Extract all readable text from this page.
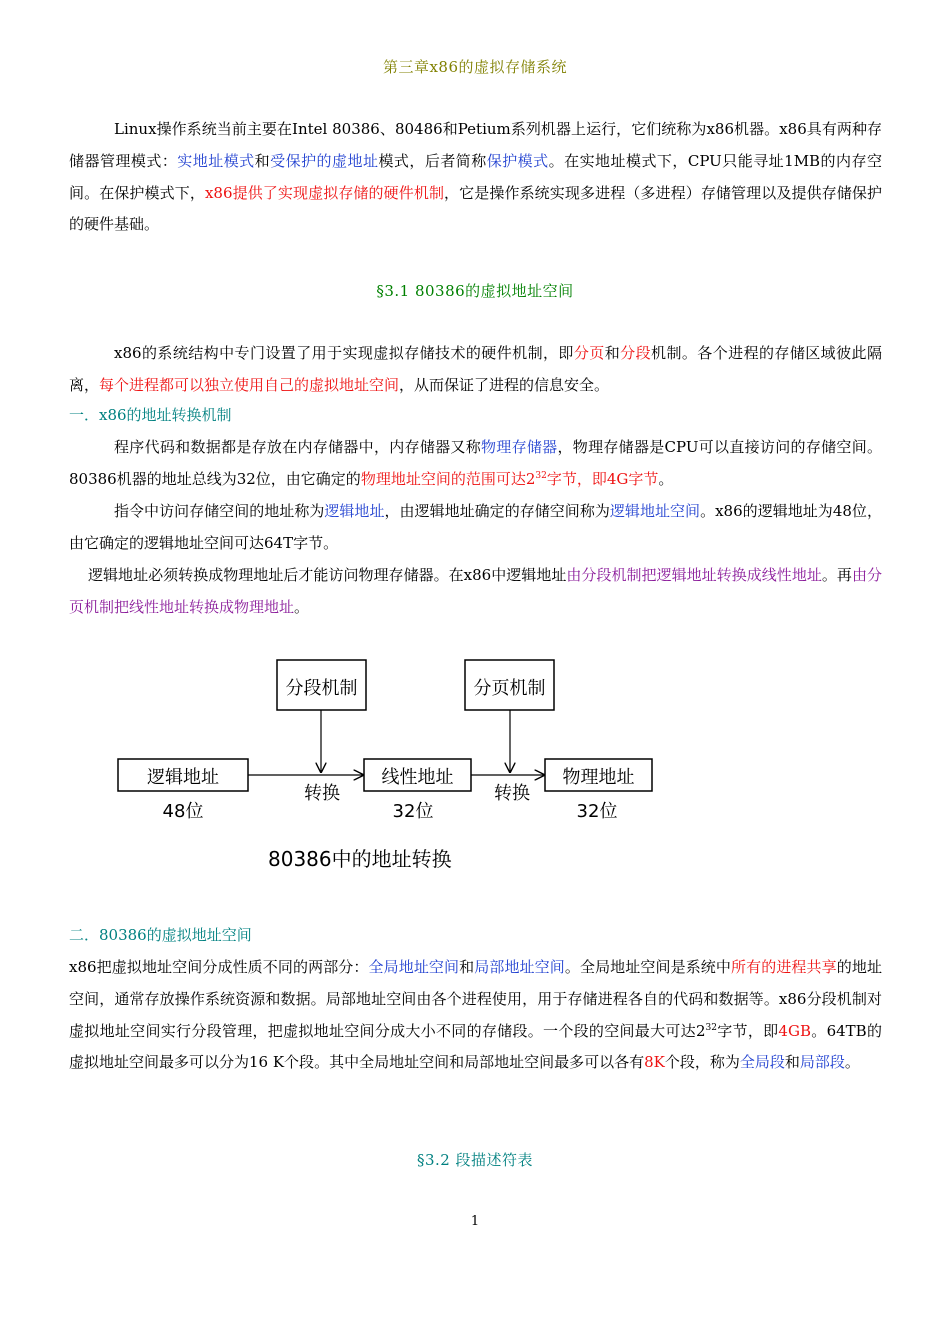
第三章x86的虚拟存储系统
Linux操作系统当前主要在Intel 80386、80486和Petium系列机器上运行，它们统称为x86机器。x86具有两种存储器管理模式：实地址模式和受保护的虚地址模式，后者简称保护模式。在实地址模式下，CPU只能寻址1MB的内存空间。在保护模式下，x86提供了实现虚拟存储的硬件机制，它是操作系统实现多进程（多进程）存储管理以及提供存储保护的硬件基础。
§3.1 80386的虚拟地址空间
x86的系统结构中专门设置了用于实现虚拟存储技术的硬件机制，即分页和分段机制。各个进程的存储区域彼此隔离，每个进程都可以独立使用自己的虚拟地址空间，从而保证了进程的信息安全。
一．x86的地址转换机制
程序代码和数据都是存放在内存储器中，内存储器又称物理存储器，物理存储器是CPU可以直接访问的存储空间。80386机器的地址总线为32位，由它确定的物理地址空间的范围可达$2^{32}$字节，即4G字节。
指令中访问存储空间的地址称为逻辑地址，由逻辑地址确定的存储空间称为逻辑地址空间。x86的逻辑地址为48位，由它确定的逻辑地址空间可达64T字节。
逻辑地址必须转换成物理地址后才能访问物理存储器。在x86中逻辑地址由分段机制把逻辑地址转换成线性地址。再由分页机制把线性地址转换成物理地址。
分段机制	分页机制
逻辑地址	线性地址	物理地址
48位	32位	32位
转换	转换
80386中的地址转换
二．80386的虚拟地址空间
x86把虚拟地址空间分成性质不同的两部分：全局地址空间和局部地址空间。全局地址空间是系统中所有的进程共享的地址空间，通常存放操作系统资源和数据。局部地址空间由各个进程使用，用于存储进程各自的代码和数据等。x86分段机制对虚拟地址空间实行分段管理，把虚拟地址空间分成大小不同的存储段。一个段的空间最大可达$2^{32}$字节，即4GB。64TB的虚拟地址空间最多可以分为16 K个段。其中全局地址空间和局部地址空间最多可以各有8K个段，称为全局段和局部段。
§3.2 段描述符表
1
